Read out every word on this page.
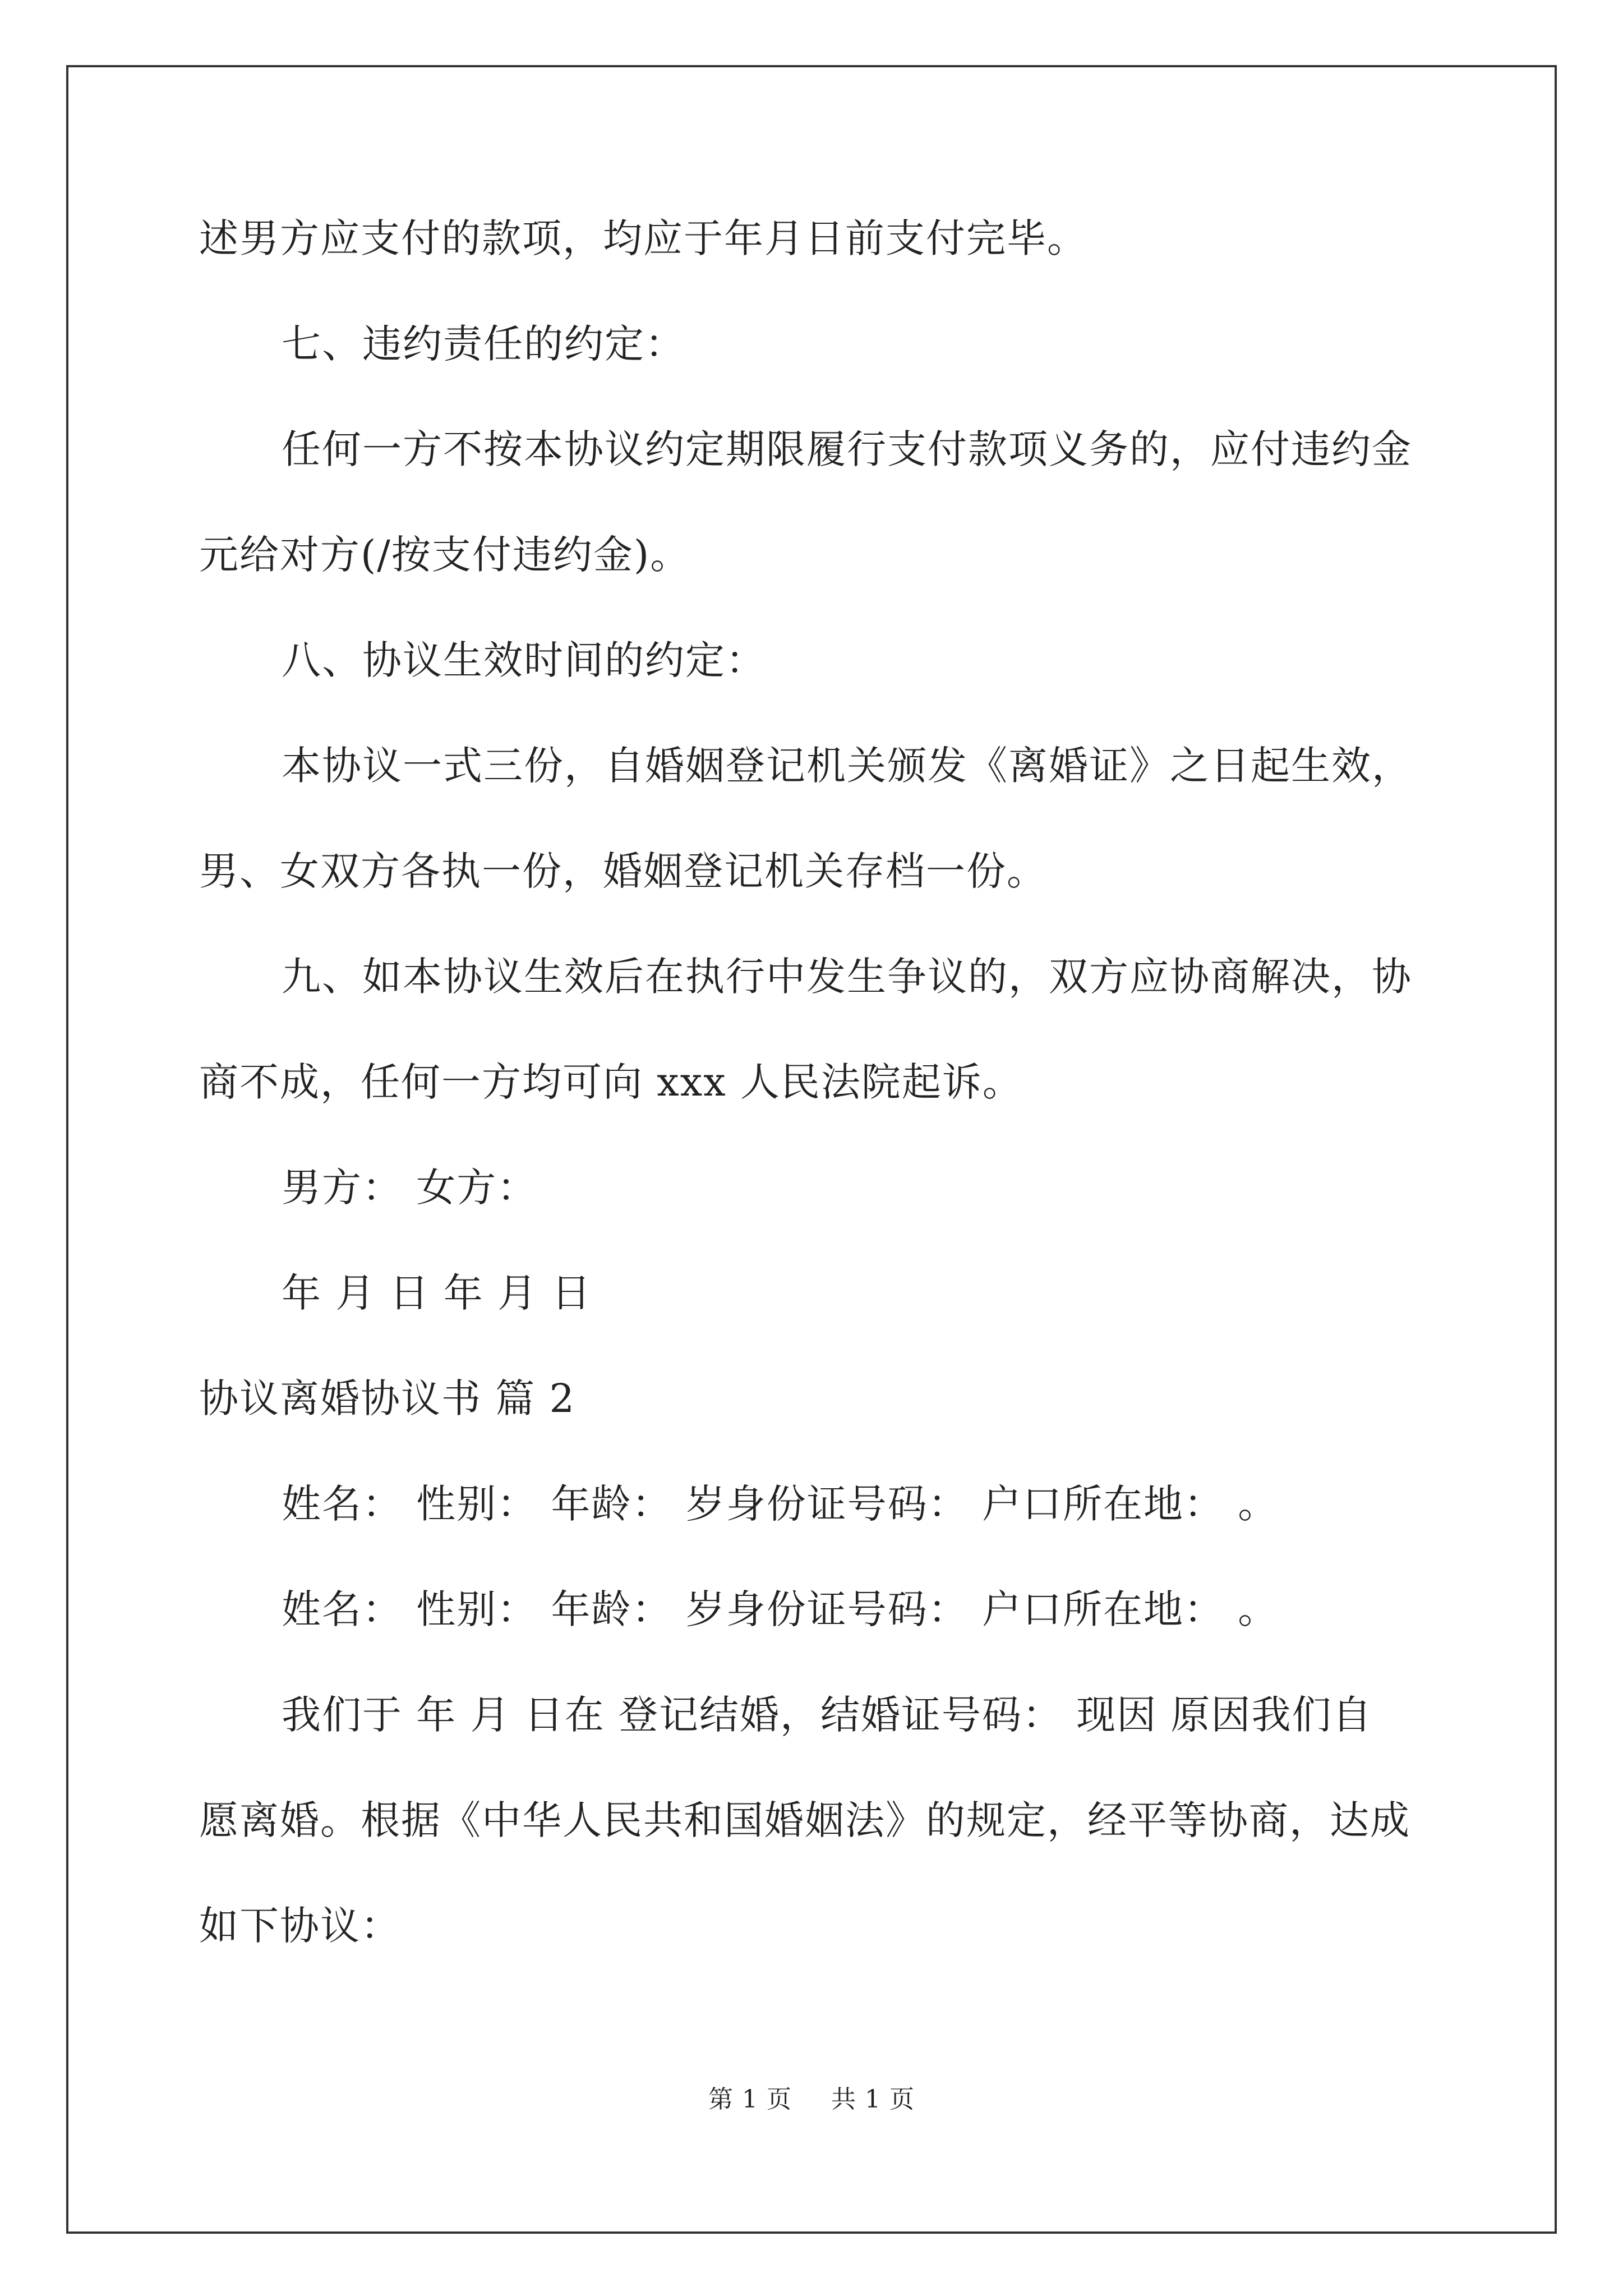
述男方应支付的款项，均应于年月日前支付完毕。
七、违约责任的约定：
任何一方不按本协议约定期限履行支付款项义务的，应付违约金
元给对方(/按支付违约金)。
八、协议生效时间的约定：
本协议一式三份，自婚姻登记机关颁发《离婚证》之日起生效，
男、女双方各执一份，婚姻登记机关存档一份。
九、如本协议生效后在执行中发生争议的，双方应协商解决，协
商不成，任何一方均可向 xxx 人民法院起诉。
男方： 女方：
年 月 日 年 月 日
协议离婚协议书 篇 2
姓名： 性别： 年龄： 岁身份证号码： 户口所在地： 。
姓名： 性别： 年龄： 岁身份证号码： 户口所在地： 。
我们于 年 月 日在 登记结婚，结婚证号码： 现因 原因我们自
愿离婚。根据《中华人民共和国婚姻法》的规定，经平等协商，达成
如下协议：
第 1 页 共 1 页
